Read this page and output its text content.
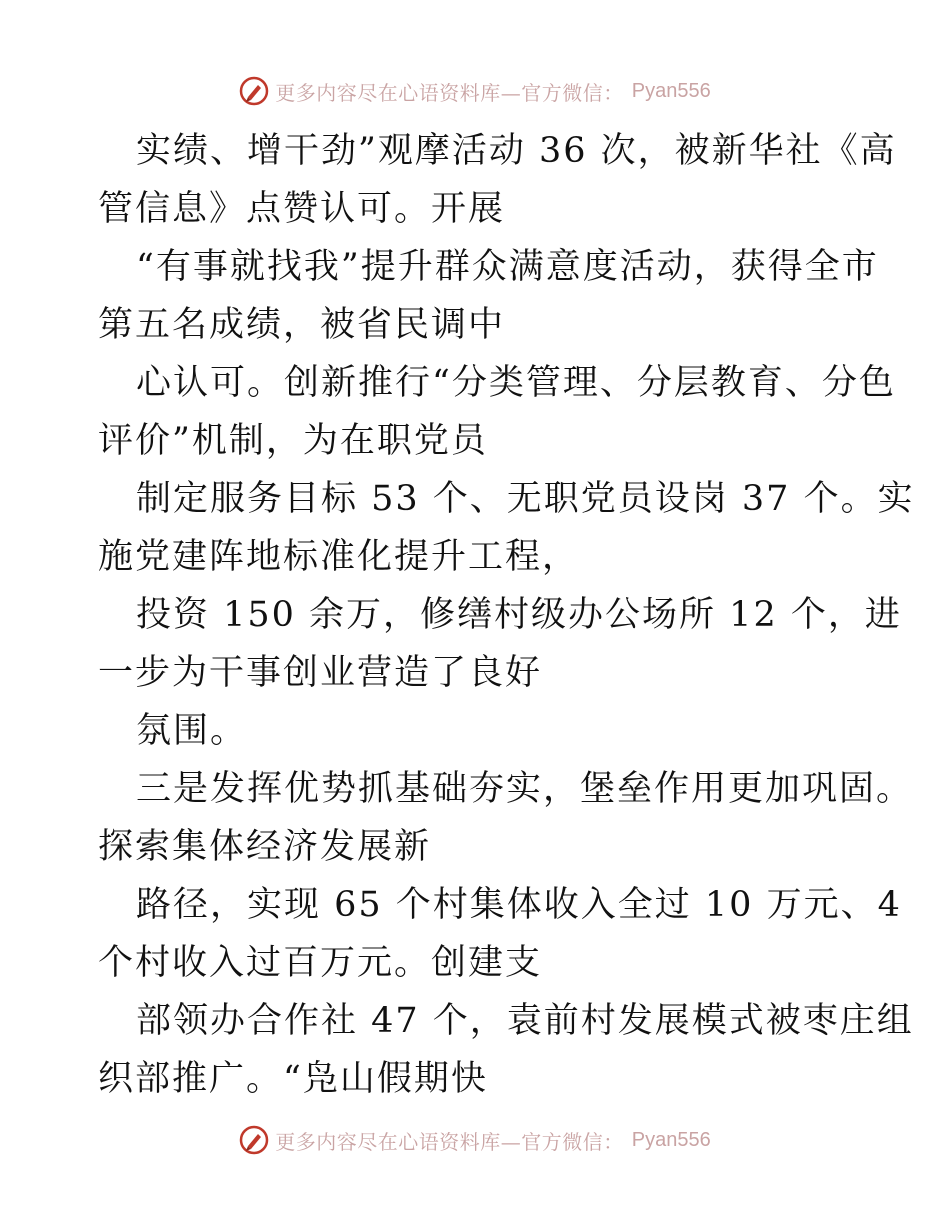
更多内容尽在心语资料库—官方微信： Pyan556
实绩、增干劲”观摩活动 36 次，被新华社《高
管信息》点赞认可。开展
“有事就找我”提升群众满意度活动，获得全市
第五名成绩，被省民调中
心认可。创新推行“分类管理、分层教育、分色
评价”机制，为在职党员
制定服务目标 53 个、无职党员设岗 37 个。实
施党建阵地标准化提升工程，
投资 150 余万，修缮村级办公场所 12 个，进
一步为干事创业营造了良好
氛围。
三是发挥优势抓基础夯实，堡垒作用更加巩固。
探索集体经济发展新
路径，实现 65 个村集体收入全过 10 万元、4
个村收入过百万元。创建支
部领办合作社 47 个，袁前村发展模式被枣庄组
织部推广。“凫山假期快
更多内容尽在心语资料库—官方微信： Pyan556
